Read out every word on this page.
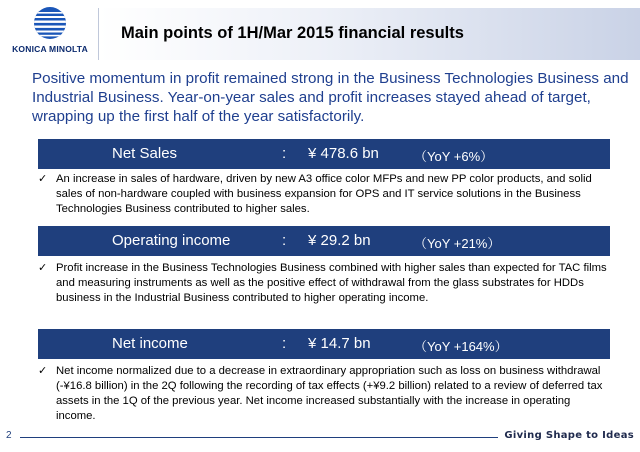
KONICA MINOLTA
Main points of 1H/Mar 2015 financial results
Positive momentum in profit remained strong in the Business Technologies Business and Industrial Business. Year-on-year sales and profit increases stayed ahead of target, wrapping up the first half of the year satisfactorily.
Net Sales	: ¥ 478.6 bn	（YoY +6%）
✓ An increase in sales of hardware, driven by new A3 office color MFPs and new PP color products, and solid sales of non-hardware coupled with business expansion for OPS and IT service solutions in the Business Technologies Business contributed to higher sales.
Operating income	: ¥ 29.2 bn	（YoY +21%）
✓ Profit increase in the Business Technologies Business combined with higher sales than expected for TAC films and measuring instruments as well as the positive effect of withdrawal from the glass substrates for HDDs business in the Industrial Business contributed to higher operating income.
Net income	: ¥ 14.7 bn	（YoY +164%）
✓ Net income normalized due to a decrease in extraordinary appropriation such as loss on business withdrawal (-¥16.8 billion) in the 2Q following the recording of tax effects (+¥9.2 billion) related to a review of deferred tax assets in the 1Q of the previous year. Net income increased substantially with the increase in operating income.
2	Giving Shape to Ideas
